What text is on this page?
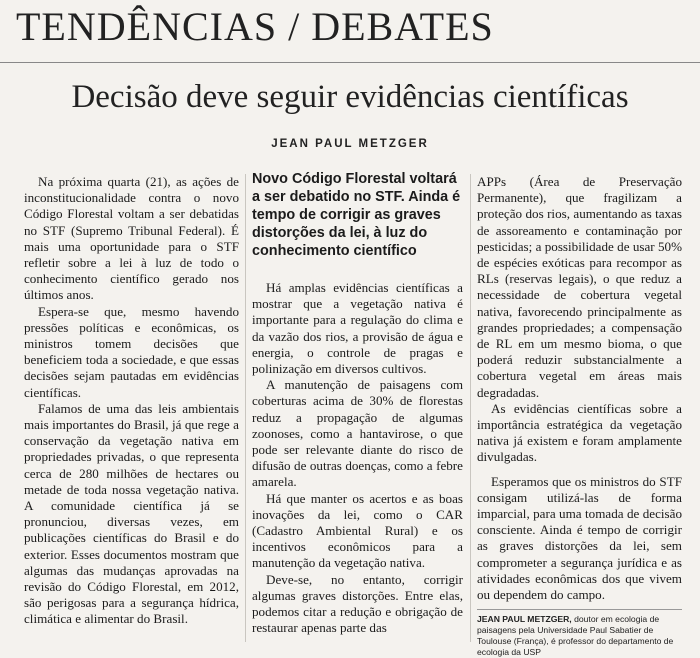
TENDÊNCIAS / DEBATES
Decisão deve seguir evidências científicas
JEAN PAUL METZGER

Na próxima quarta (21), as ações de inconstitucionalidade contra o novo Código Florestal voltam a ser debatidas no STF (Supremo Tribunal Federal). É mais uma oportunidade para o STF refletir sobre a lei à luz de todo o conhecimento científico gerado nos últimos anos.

Espera-se que, mesmo havendo pressões políticas e econômicas, os ministros tomem decisões que beneficiem toda a sociedade, e que essas decisões sejam pautadas em evidências científicas.

Falamos de uma das leis ambientais mais importantes do Brasil, já que rege a conservação da vegetação nativa em propriedades privadas, o que representa cerca de 280 milhões de hectares ou metade de toda nossa vegetação nativa. A comunidade científica já se pronunciou, diversas vezes, em publicações científicas do Brasil e do exterior. Esses documentos mostram que algumas das mudanças aprovadas na revisão do Código Florestal, em 2012, são perigosas para a segurança hídrica, climática e alimentar do Brasil.

Novo Código Florestal voltará a ser debatido no STF. Ainda é tempo de corrigir as graves distorções da lei, à luz do conhecimento científico

Há amplas evidências científicas a mostrar que a vegetação nativa é importante para a regulação do clima e da vazão dos rios, a provisão de água e energia, o controle de pragas e polinização em diversos cultivos.

A manutenção de paisagens com coberturas acima de 30% de florestas reduz a propagação de algumas zoonoses, como a hantavirose, o que pode ser relevante diante do risco de difusão de outras doenças, como a febre amarela.

Há que manter os acertos e as boas inovações da lei, como o CAR (Cadastro Ambiental Rural) e os incentivos econômicos para a manutenção da vegetação nativa.

Deve-se, no entanto, corrigir algumas graves distorções. Entre elas, podemos citar a redução e obrigação de restaurar apenas parte das

APPs (Área de Preservação Permanente), que fragilizam a proteção dos rios, aumentando as taxas de assoreamento e contaminação por pesticidas; a possibilidade de usar 50% de espécies exóticas para recompor as RLs (reservas legais), o que reduz a necessidade de cobertura vegetal nativa, favorecendo principalmente as grandes propriedades; a compensação de RL em um mesmo bioma, o que poderá reduzir substancialmente a cobertura vegetal em áreas mais degradadas.

As evidências científicas sobre a importância estratégica da vegetação nativa já existem e foram amplamente divulgadas.

Esperamos que os ministros do STF consigam utilizá-las de forma imparcial, para uma tomada de decisão consciente. Ainda é tempo de corrigir as graves distorções da lei, sem comprometer a segurança jurídica e as atividades econômicas dos que vivem ou dependem do campo.

JEAN PAUL METZGER, doutor em ecologia de paisagens pela Universidade Paul Sabatier de Toulouse (França), é professor do departamento de ecologia da USP
